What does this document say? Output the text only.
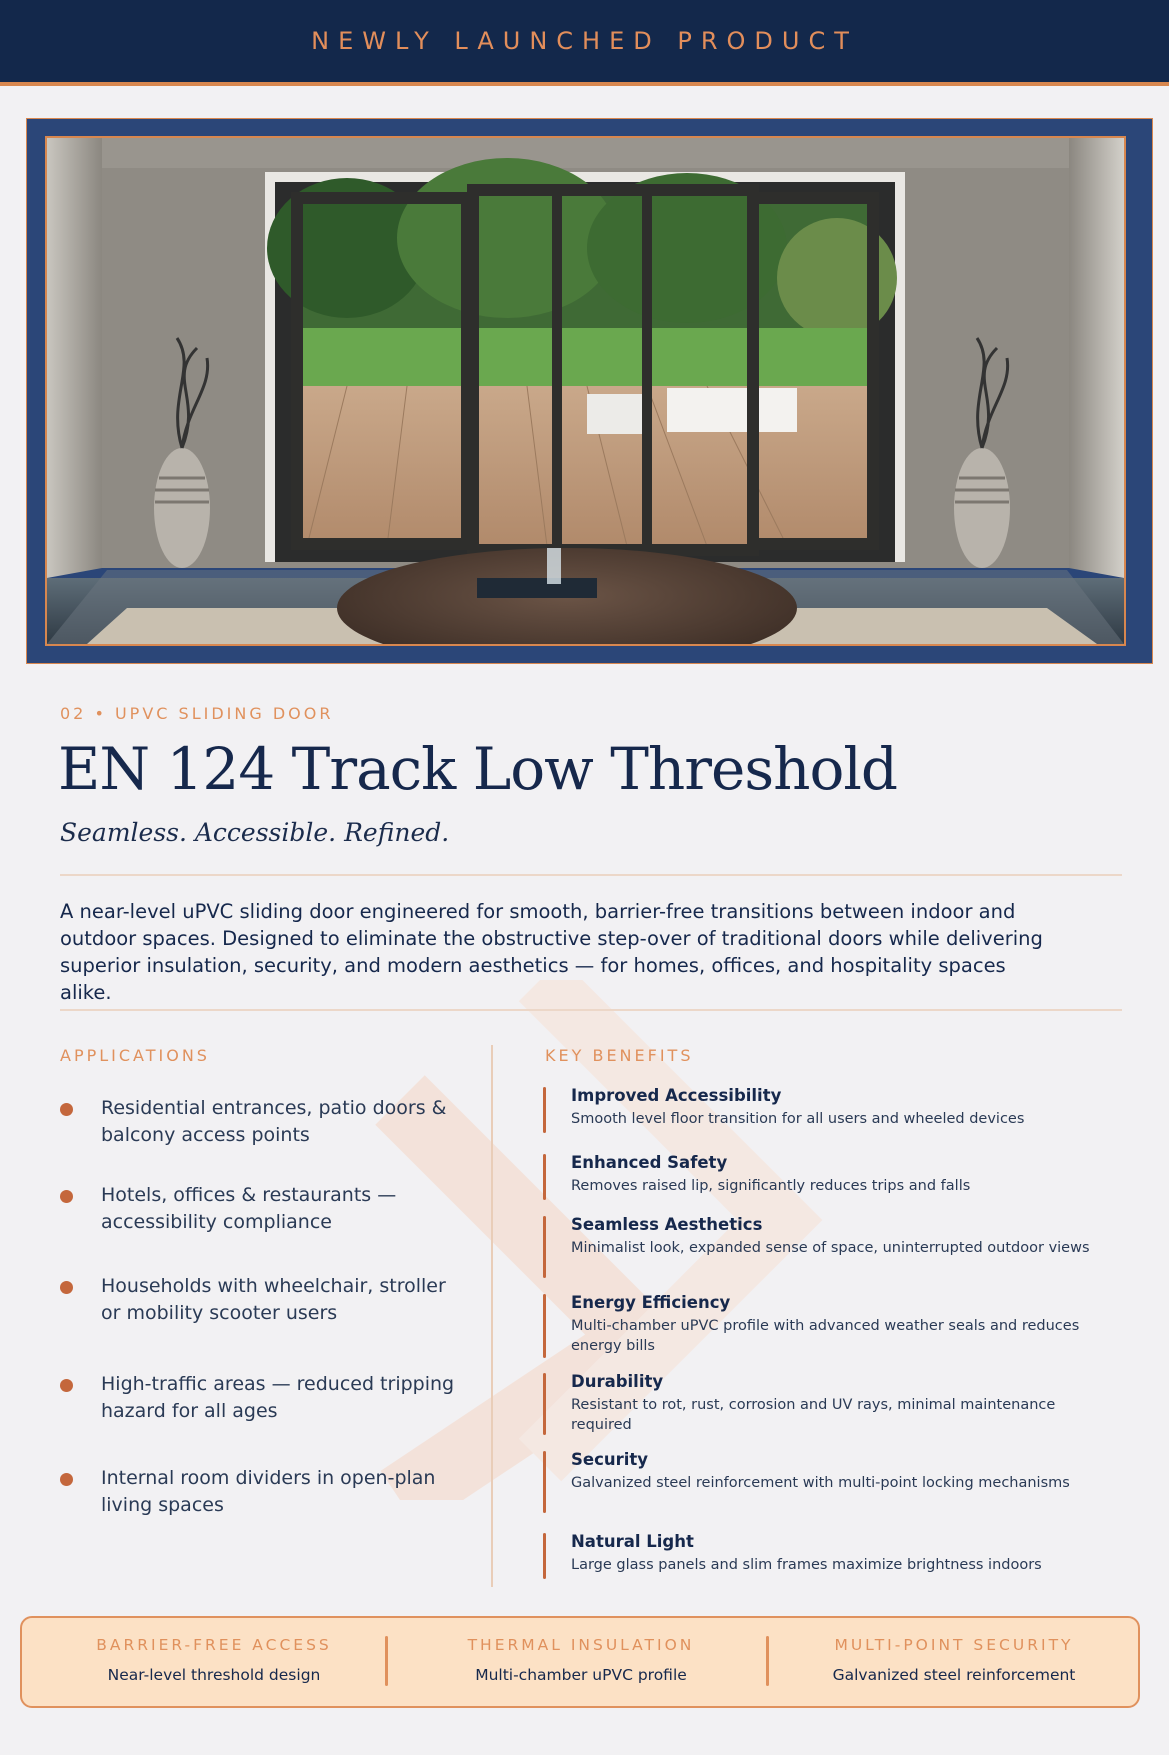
NEWLY LAUNCHED PRODUCT
02 • UPVC SLIDING DOOR
EN 124 Track Low Threshold
Seamless. Accessible. Refined.

A near-level uPVC sliding door engineered for smooth, barrier-free transitions between indoor and outdoor spaces. Designed to eliminate the obstructive step-over of traditional doors while delivering superior insulation, security, and modern aesthetics — for homes, offices, and hospitality spaces alike.

APPLICATIONS

Residential entrances, patio doors & balcony access points

Hotels, offices & restaurants — accessibility compliance

Households with wheelchair, stroller or mobility scooter users

High-traffic areas — reduced tripping hazard for all ages

Internal room dividers in open-plan living spaces

KEY BENEFITS
Improved Accessibility
Smooth level floor transition for all users and wheeled devices
Enhanced Safety
Removes raised lip, significantly reduces trips and falls
Seamless Aesthetics
Minimalist look, expanded sense of space, uninterrupted outdoor views
Energy Efficiency
Multi-chamber uPVC profile with advanced weather seals and reduces energy bills
Durability
Resistant to rot, rust, corrosion and UV rays, minimal maintenance required
Security
Galvanized steel reinforcement with multi-point locking mechanisms
Natural Light
Large glass panels and slim frames maximize brightness indoors
BARRIER-FREE ACCESS
Near-level threshold design
THERMAL INSULATION
Multi-chamber uPVC profile
MULTI-POINT SECURITY
Galvanized steel reinforcement
